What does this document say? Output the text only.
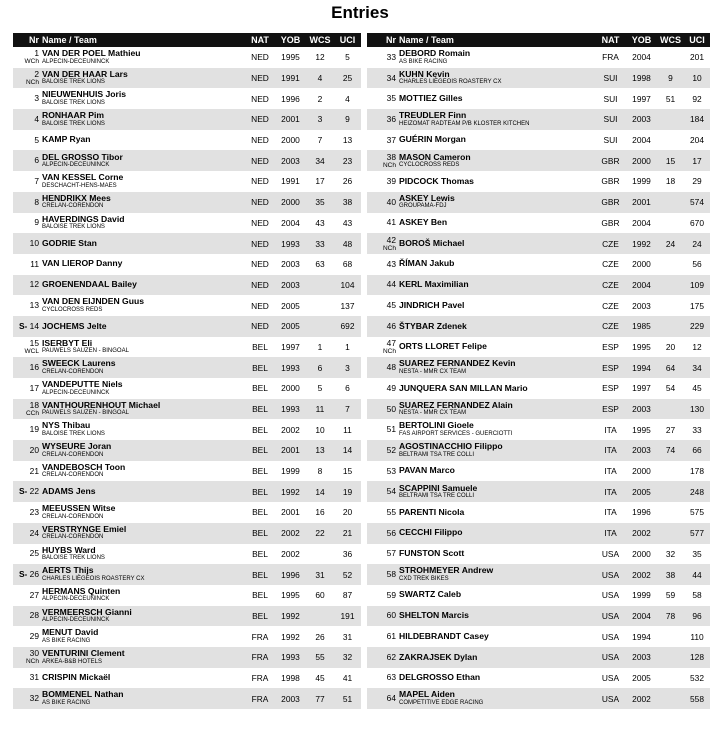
Entries
Nr	Name / Team	NAT	YOB	WCS	UCI

1
WCh	VAN DER POEL Mathieu
ALPECIN-DECEUNINCK	NED	1995	12	5

2
NCh	VAN DER HAAR Lars
BALOISE TREK LIONS	NED	1991	4	25

3	NIEUWENHUIS Joris
BALOISE TREK LIONS	NED	1996	2	4

4	RONHAAR Pim
BALOISE TREK LIONS	NED	2001	3	9

5	KAMP Ryan	NED	2000	7	13

6	DEL GROSSO Tibor
ALPECIN-DECEUNINCK	NED	2003	34	23

7	VAN KESSEL Corne
DESCHACHT-HENS-MAES	NED	1991	17	26

8	HENDRIKX Mees
CRELAN-CORENDON	NED	2000	35	38

9	HAVERDINGS David
BALOISE TREK LIONS	NED	2004	43	43

10	GODRIE Stan	NED	1993	33	48

11	VAN LIEROP Danny	NED	2003	63	68

12	GROENENDAAL Bailey	NED	2003		104

13	VAN DEN EIJNDEN Guus
CYCLOCROSS REDS	NED	2005		137

S- 14	JOCHEMS Jelte	NED	2005		692

15
WCL	ISERBYT Eli
PAUWELS SAUZEN - BINGOAL	BEL	1997	1	1

16	SWEECK Laurens
CRELAN-CORENDON	BEL	1993	6	3

17	VANDEPUTTE Niels
ALPECIN-DECEUNINCK	BEL	2000	5	6

18
CCh	VANTHOURENHOUT Michael
PAUWELS SAUZEN - BINGOAL	BEL	1993	11	7

19	NYS Thibau
BALOISE TREK LIONS	BEL	2002	10	11

20	WYSEURE Joran
CRELAN-CORENDON	BEL	2001	13	14

21	VANDEBOSCH Toon
CRELAN-CORENDON	BEL	1999	8	15

S- 22	ADAMS Jens	BEL	1992	14	19

23	MEEUSSEN Witse
CRELAN-CORENDON	BEL	2001	16	20

24	VERSTRYNGE Emiel
CRELAN-CORENDON	BEL	2002	22	21

25	HUYBS Ward
BALOISE TREK LIONS	BEL	2002		36

S- 26	AERTS Thijs
CHARLES LIÈGEOIS ROASTERY CX	BEL	1996	31	52

27	HERMANS Quinten
ALPECIN-DECEUNINCK	BEL	1995	60	87

28	VERMEERSCH Gianni
ALPECIN-DECEUNINCK	BEL	1992		191

29	MENUT David
AS BIKE RACING	FRA	1992	26	31

30
NCh	VENTURINI Clement
ARKEA-B&B HOTELS	FRA	1993	55	32

31	CRISPIN Mickaël	FRA	1998	45	41

32	BOMMENEL Nathan
AS BIKE RACING	FRA	2003	77	51
Nr	Name / Team	NAT	YOB	WCS	UCI

33	DEBORD Romain
AS BIKE RACING	FRA	2004		201

34	KUHN Kevin
CHARLES LIÈGEOIS ROASTERY CX	SUI	1998	9	10

35	MOTTIEZ Gilles	SUI	1997	51	92

36	TREUDLER Finn
HEIZOMAT RADTEAM P/B KLOSTER KITCHEN	SUI	2003		184

37	GUÉRIN Morgan	SUI	2004		204

38
NCh	MASON Cameron
CYCLOCROSS REDS	GBR	2000	15	17

39	PIDCOCK Thomas	GBR	1999	18	29

40	ASKEY Lewis
GROUPAMA-FDJ	GBR	2001		574

41	ASKEY Ben	GBR	2004		670

42
NCh	BOROŠ Michael	CZE	1992	24	24

43	ŘÍMAN Jakub	CZE	2000		56

44	KERL Maximilian	CZE	2004		109

45	JINDRICH Pavel	CZE	2003		175

46	ŠTYBAR Zdenek	CZE	1985		229

47
NCh	ORTS LLORET Felipe	ESP	1995	20	12

48	SUAREZ FERNANDEZ Kevin
NESTA - MMR CX TEAM	ESP	1994	64	34

49	JUNQUERA SAN MILLAN Mario	ESP	1997	54	45

50	SUAREZ FERNANDEZ Alain
NESTA - MMR CX TEAM	ESP	2003		130

51	BERTOLINI Gioele
FAS AIRPORT SERVICES - GUERCIOTTI	ITA	1995	27	33

52	AGOSTINACCHIO Filippo
BELTRAMI TSA TRE COLLI	ITA	2003	74	66

53	PAVAN Marco	ITA	2000		178

54	SCAPPINI Samuele
BELTRAMI TSA TRE COLLI	ITA	2005		248

55	PARENTI Nicola	ITA	1996		575

56	CECCHI Filippo	ITA	2002		577

57	FUNSTON Scott	USA	2000	32	35

58	STROHMEYER Andrew
CXD TREK BIKES	USA	2002	38	44

59	SWARTZ Caleb	USA	1999	59	58

60	SHELTON Marcis	USA	2004	78	96

61	HILDEBRANDT Casey	USA	1994		110

62	ZAKRAJSEK Dylan	USA	2003		128

63	DELGROSSO Ethan	USA	2005		532

64	MAPEL Aiden
COMPETITIVE EDGE RACING	USA	2002		558
